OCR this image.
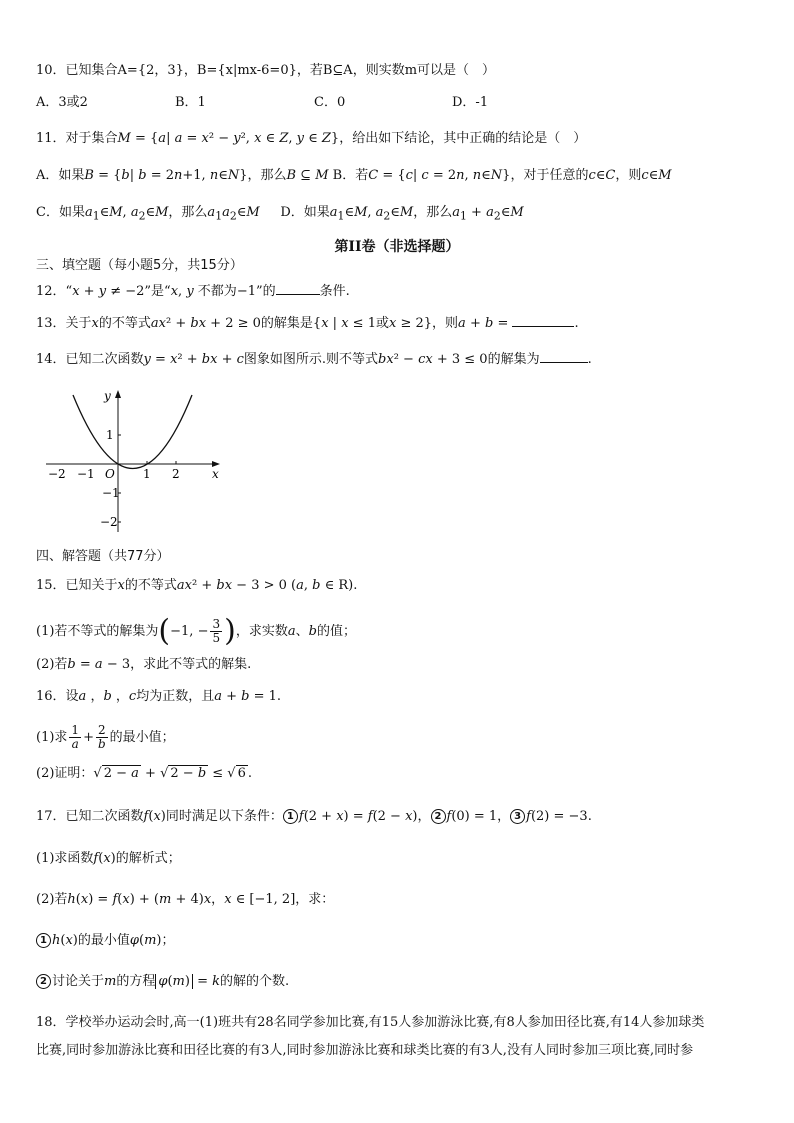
10．已知集合A={2，3}，B={x|mx-6=0}，若B⊆A，则实数m可以是（　）
A．3或2	B．1	C．0	D．-1
11．对于集合M = {a| a = x² − y², x ∈ Z, y ∈ Z}，给出如下结论，其中正确的结论是（　）
A．如果B = {b| b = 2n+1, n∈N}，那么B ⊆ M B．若C = {c| c = 2n, n∈N}，对于任意的c∈C，则c∈M
C．如果$a_1\in M$, $a_2\in M$，那么$a_1a_2\in M$ D．如果$a_1\in M$, $a_2\in M$，那么$a_1$ + $a_2\in M$
第II卷（非选择题）
三、填空题（每小题5分，共15分）
12．“x + y ≠ −2”是“x, y 不都为−1”的	条件.
13．关于x的不等式ax² + bx + 2 ≥ 0的解集是{x | x ≤ 1或x ≥ 2}，则a + b =	.
14．已知二次函数y = x² + bx + c图象如图所示.则不等式bx² − cx + 3 ≤ 0的解集为	.
x
y
O
−2 −1	1 2
1
−1
−2
四、解答题（共77分）
15．已知关于x的不等式ax² + bx − 3 > 0 (a, b ∈ R).
(1)若不等式的解集为(−1, − $\frac{3}{5}$ )，求实数a、b的值；
(2)若b = a − 3，求此不等式的解集.
16．设a ，b ，c均为正数，且a + b = 1.
(1)求 $\frac{1}{a} + \frac{2}{b}$ 的最小值；
(2)证明：√ 2 − a + √ 2 − b ≤ √ 6 .
17．已知二次函数f(x)同时满足以下条件： 1 f(2 + x) = f(2 − x)， 2 f(0) = 1， 3 f(2) = −3.
(1)求函数f(x)的解析式；
(2)若h(x) = f(x) + (m + 4)x，x ∈ [−1, 2]，求：
1 h(x)的最小值φ(m)；
2 讨论关于m的方程 φ(m) = k的解的个数.
18．学校举办运动会时,高一(1)班共有28名同学参加比赛,有15人参加游泳比赛,有8人参加田径比赛,有14人参加球类
比赛,同时参加游泳比赛和田径比赛的有3人,同时参加游泳比赛和球类比赛的有3人,没有人同时参加三项比赛,同时参
